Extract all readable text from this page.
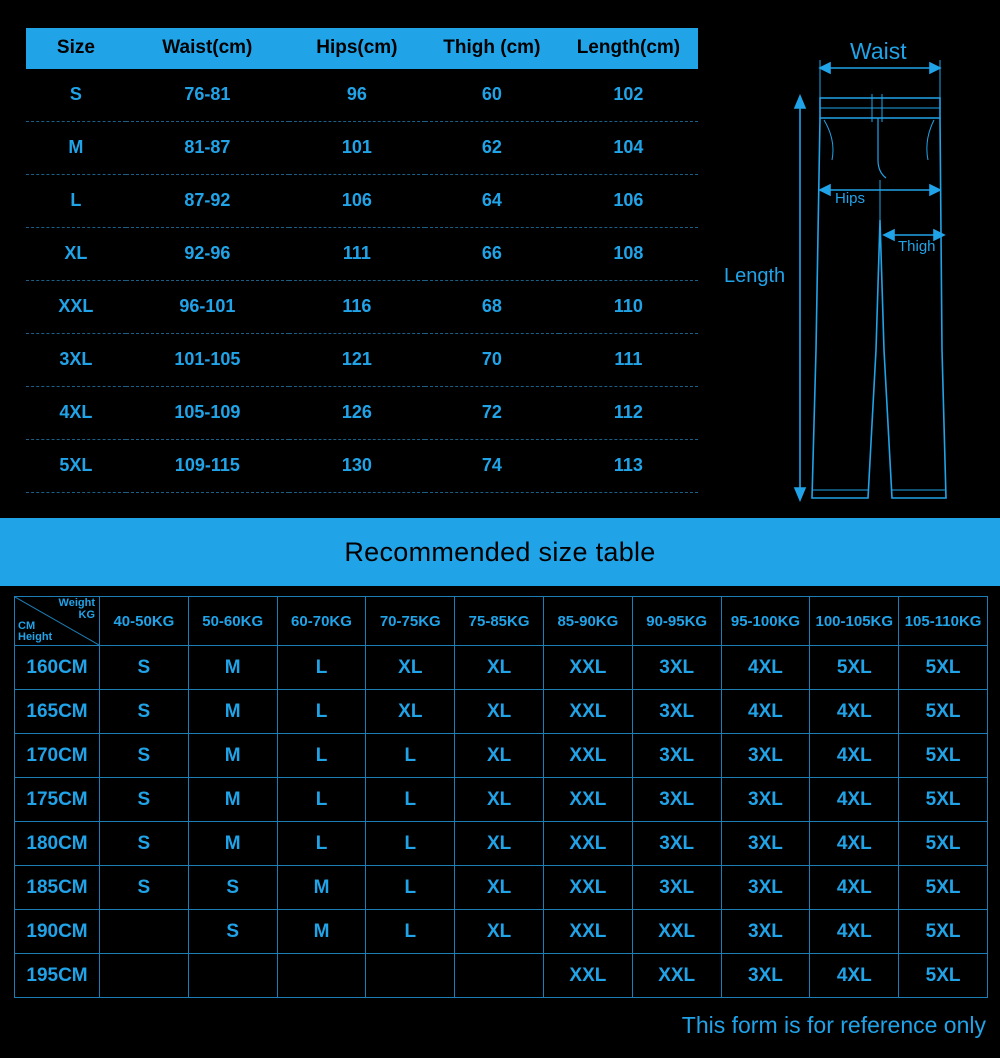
Size	Waist(cm)	Hips(cm)	Thigh (cm)	Length(cm)
S	76-81	96	60	102
M	81-87	101	62	104
L	87-92	106	64	106
XL	92-96	111	66	108
XXL	96-101	116	68	110
3XL	101-105	121	70	111
4XL	105-109	126	72	112
5XL	109-115	130	74	113
Waist
Hips
Thigh
Length
Recommended size table
Weight
KG
CM
Height	40-50KG	50-60KG	60-70KG	70-75KG	75-85KG	85-90KG	90-95KG	95-100KG	100-105KG	105-110KG
160CM	S	M	L	XL	XL	XXL	3XL	4XL	5XL	5XL
165CM	S	M	L	XL	XL	XXL	3XL	4XL	4XL	5XL
170CM	S	M	L	L	XL	XXL	3XL	3XL	4XL	5XL
175CM	S	M	L	L	XL	XXL	3XL	3XL	4XL	5XL
180CM	S	M	L	L	XL	XXL	3XL	3XL	4XL	5XL
185CM	S	S	M	L	XL	XXL	3XL	3XL	4XL	5XL
190CM		S	M	L	XL	XXL	XXL	3XL	4XL	5XL
195CM						XXL	XXL	3XL	4XL	5XL
This form is for reference only
